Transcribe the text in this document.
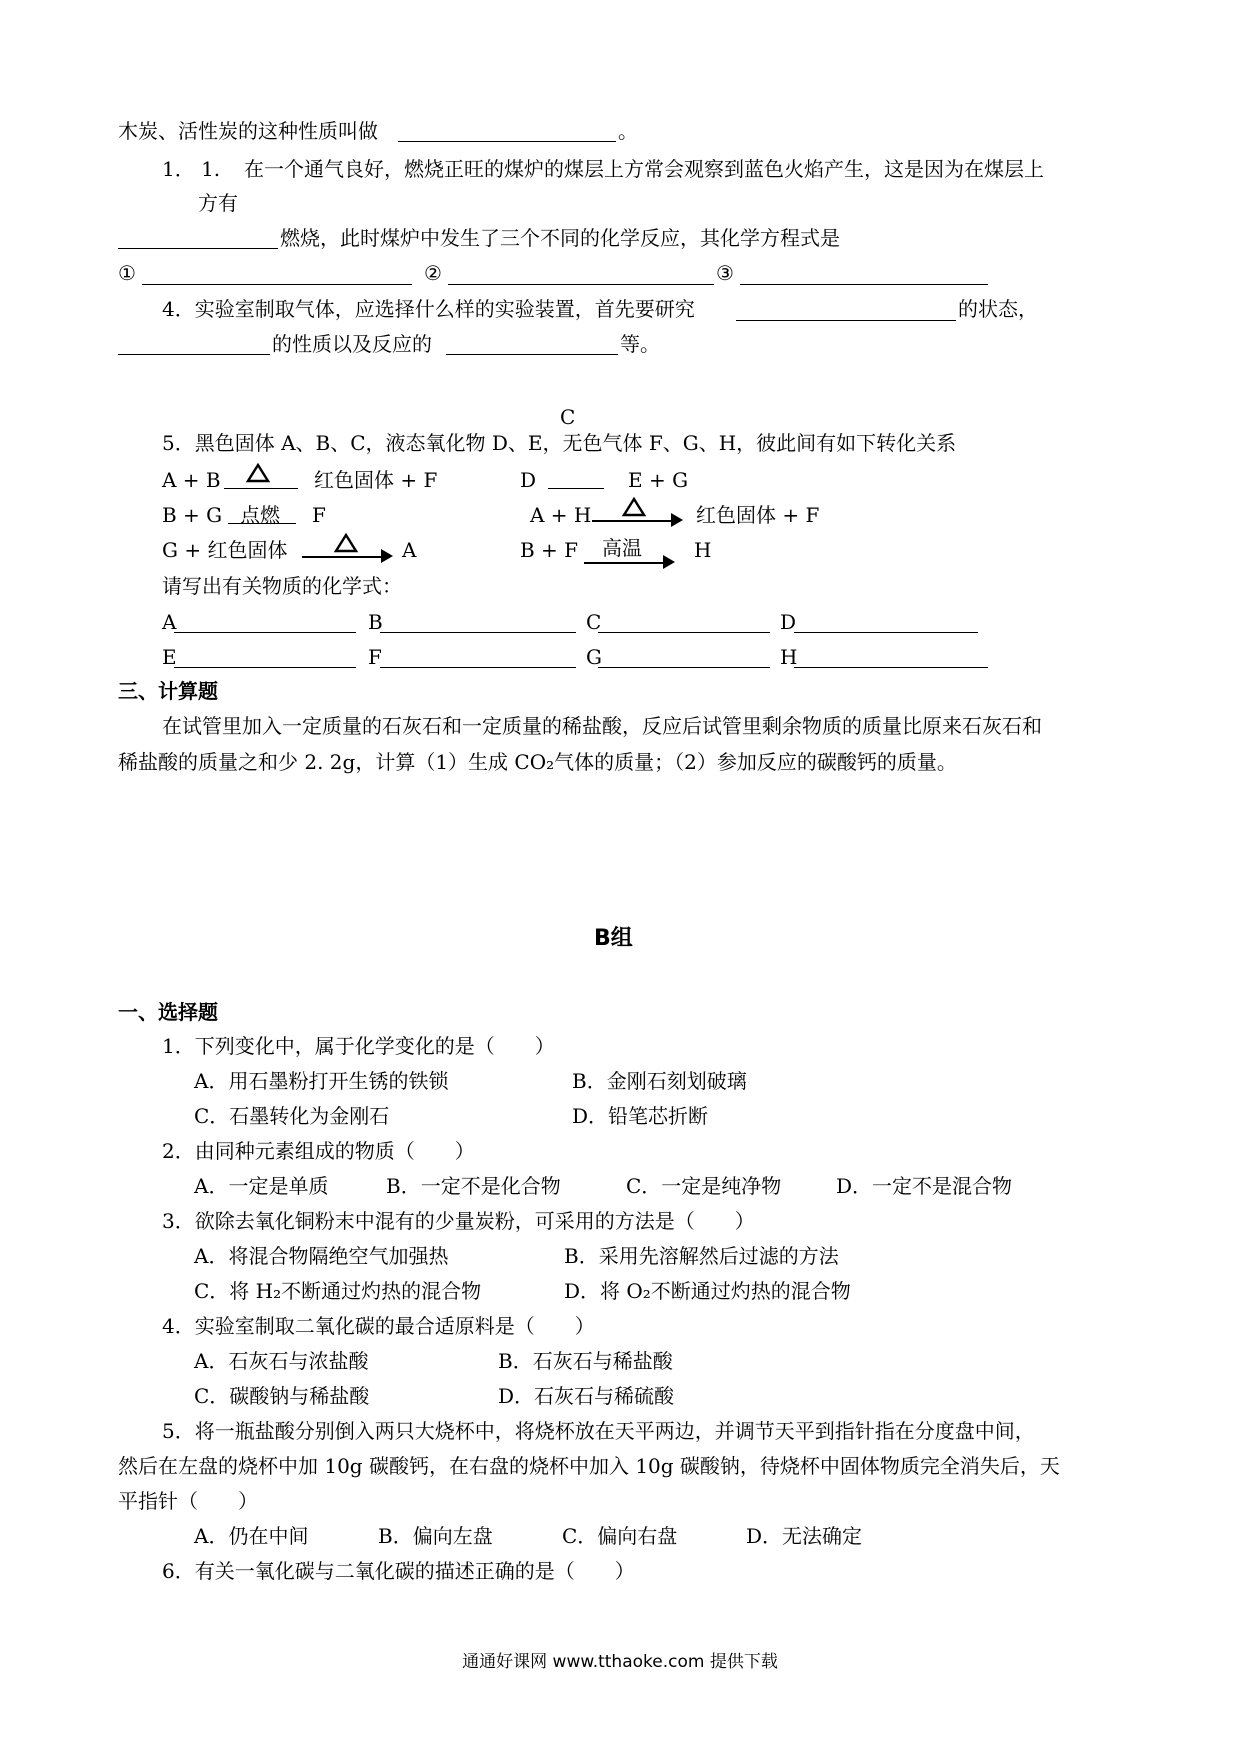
木炭、活性炭的这种性质叫做	。
1． 1. 在一个通气良好，燃烧正旺的煤炉的煤层上方常会观察到蓝色火焰产生，这是因为在煤层上
方有
燃烧，此时煤炉中发生了三个不同的化学反应，其化学方程式是
①	②	③
4．实验室制取气体，应选择什么样的实验装置，首先要研究	的状态，
的性质以及反应的	等。
C
5．黑色固体 A、B、C，液态氧化物 D、E，无色气体 F、G、H，彼此间有如下转化关系
A + B	红色固体 + F	D	E + G
B + G 点燃 F	A + H	红色固体 + F
G + 红色固体	A	B + F 高温	H
请写出有关物质的化学式：
A	B	C	D
E	F	G	H
三、计算题
在试管里加入一定质量的石灰石和一定质量的稀盐酸，反应后试管里剩余物质的质量比原来石灰石和
稀盐酸的质量之和少 2. 2g，计算（1）生成 CO₂气体的质量；（2）参加反应的碳酸钙的质量。
B组
一、选择题
1．下列变化中，属于化学变化的是（　　）
A．用石墨粉打开生锈的铁锁	B．金刚石刻划破璃
C．石墨转化为金刚石	D．铅笔芯折断
2．由同种元素组成的物质（　　）
A．一定是单质	B．一定不是化合物	C．一定是纯净物	D．一定不是混合物
3．欲除去氧化铜粉末中混有的少量炭粉，可采用的方法是（　　）
A．将混合物隔绝空气加强热	B．采用先溶解然后过滤的方法
C．将 H₂不断通过灼热的混合物	D．将 O₂不断通过灼热的混合物
4．实验室制取二氧化碳的最合适原料是（　　）
A．石灰石与浓盐酸	B．石灰石与稀盐酸
C．碳酸钠与稀盐酸	D．石灰石与稀硫酸
5．将一瓶盐酸分别倒入两只大烧杯中，将烧杯放在天平两边，并调节天平到指针指在分度盘中间，
然后在左盘的烧杯中加 10g 碳酸钙，在右盘的烧杯中加入 10g 碳酸钠，待烧杯中固体物质完全消失后，天
平指针（　　）
A．仍在中间	B．偏向左盘	C．偏向右盘	D．无法确定
6．有关一氧化碳与二氧化碳的描述正确的是（　　）
通通好课网 www.tthaoke.com 提供下载
